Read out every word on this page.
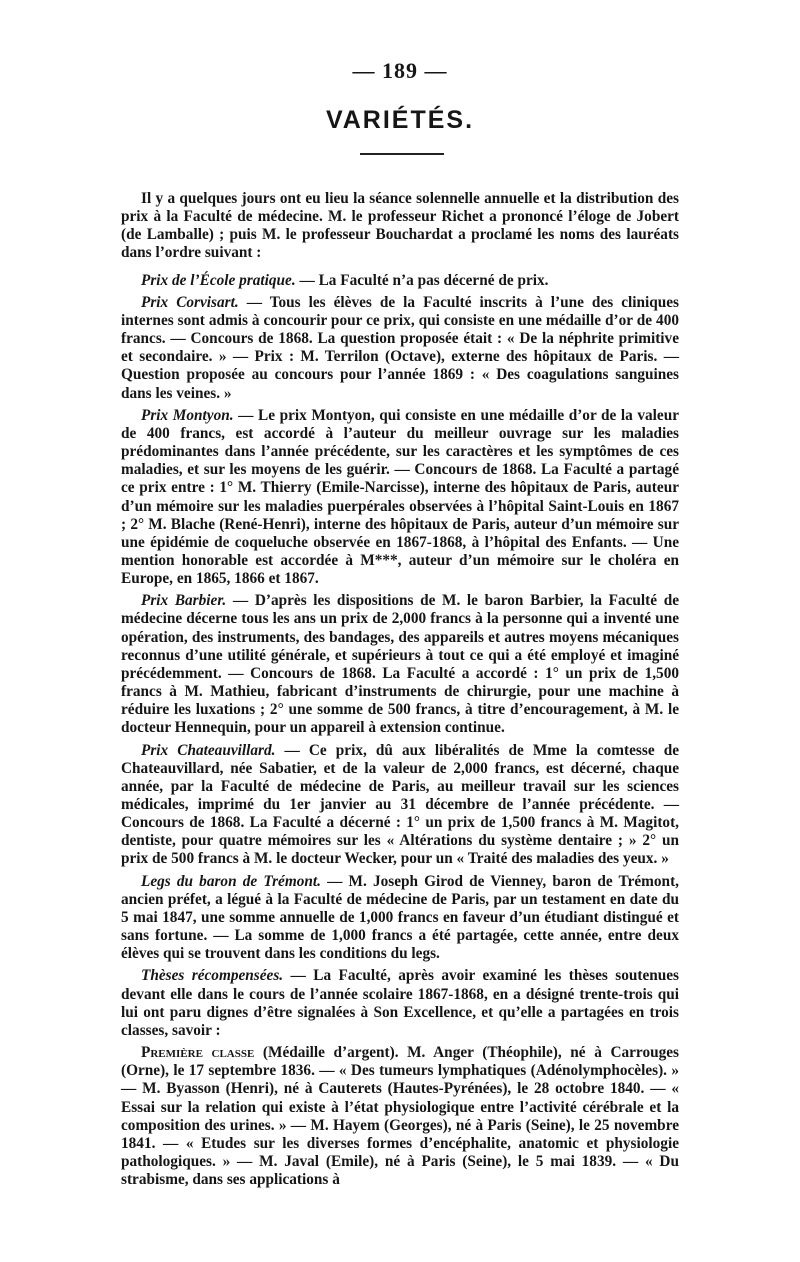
— 189 —
VARIÉTÉS.

Il y a quelques jours ont eu lieu la séance solennelle annuelle et la distribution des prix à la Faculté de médecine. M. le professeur Richet a prononcé l’éloge de Jobert (de Lamballe) ; puis M. le professeur Bouchardat a proclamé les noms des lauréats dans l’ordre suivant :

Prix de l’École pratique. — La Faculté n’a pas décerné de prix.

Prix Corvisart. — Tous les élèves de la Faculté inscrits à l’une des cliniques internes sont admis à concourir pour ce prix, qui consiste en une médaille d’or de 400 francs. — Concours de 1868. La question proposée était : « De la néphrite primitive et secondaire. » — Prix : M. Terrilon (Octave), externe des hôpitaux de Paris. — Question proposée au concours pour l’année 1869 : « Des coagulations sanguines dans les veines. »

Prix Montyon. — Le prix Montyon, qui consiste en une médaille d’or de la valeur de 400 francs, est accordé à l’auteur du meilleur ouvrage sur les maladies prédominantes dans l’année précédente, sur les caractères et les symptômes de ces maladies, et sur les moyens de les guérir. — Concours de 1868. La Faculté a partagé ce prix entre : 1° M. Thierry (Emile-Narcisse), interne des hôpitaux de Paris, auteur d’un mémoire sur les maladies puerpérales observées à l’hôpital Saint-Louis en 1867 ; 2° M. Blache (René-Henri), interne des hôpitaux de Paris, auteur d’un mémoire sur une épidémie de coqueluche observée en 1867-1868, à l’hôpital des Enfants. — Une mention honorable est accordée à M***, auteur d’un mémoire sur le choléra en Europe, en 1865, 1866 et 1867.

Prix Barbier. — D’après les dispositions de M. le baron Barbier, la Faculté de médecine décerne tous les ans un prix de 2,000 francs à la personne qui a inventé une opération, des instruments, des bandages, des appareils et autres moyens mécaniques reconnus d’une utilité générale, et supérieurs à tout ce qui a été employé et imaginé précédemment. — Concours de 1868. La Faculté a accordé : 1° un prix de 1,500 francs à M. Mathieu, fabricant d’instruments de chirurgie, pour une machine à réduire les luxations ; 2° une somme de 500 francs, à titre d’encouragement, à M. le docteur Hennequin, pour un appareil à extension continue.

Prix Chateauvillard. — Ce prix, dû aux libéralités de Mme la comtesse de Chateauvillard, née Sabatier, et de la valeur de 2,000 francs, est décerné, chaque année, par la Faculté de médecine de Paris, au meilleur travail sur les sciences médicales, imprimé du 1er janvier au 31 décembre de l’année précédente. — Concours de 1868. La Faculté a décerné : 1° un prix de 1,500 francs à M. Magitot, dentiste, pour quatre mémoires sur les « Altérations du système dentaire ; » 2° un prix de 500 francs à M. le docteur Wecker, pour un « Traité des maladies des yeux. »

Legs du baron de Trémont. — M. Joseph Girod de Vienney, baron de Trémont, ancien préfet, a légué à la Faculté de médecine de Paris, par un testament en date du 5 mai 1847, une somme annuelle de 1,000 francs en faveur d’un étudiant distingué et sans fortune. — La somme de 1,000 francs a été partagée, cette année, entre deux élèves qui se trouvent dans les conditions du legs.

Thèses récompensées. — La Faculté, après avoir examiné les thèses soutenues devant elle dans le cours de l’année scolaire 1867-1868, en a désigné trente-trois qui lui ont paru dignes d’être signalées à Son Excellence, et qu’elle a partagées en trois classes, savoir :

Première classe (Médaille d’argent). M. Anger (Théophile), né à Carrouges (Orne), le 17 septembre 1836. — « Des tumeurs lymphatiques (Adénolymphocèles). » — M. Byasson (Henri), né à Cauterets (Hautes-Pyrénées), le 28 octobre 1840. — « Essai sur la relation qui existe à l’état physiologique entre l’activité cérébrale et la composition des urines. » — M. Hayem (Georges), né à Paris (Seine), le 25 novembre 1841. — « Etudes sur les diverses formes d’encéphalite, anatomic et physiologie pathologiques. » — M. Javal (Emile), né à Paris (Seine), le 5 mai 1839. — « Du strabisme, dans ses applications à
